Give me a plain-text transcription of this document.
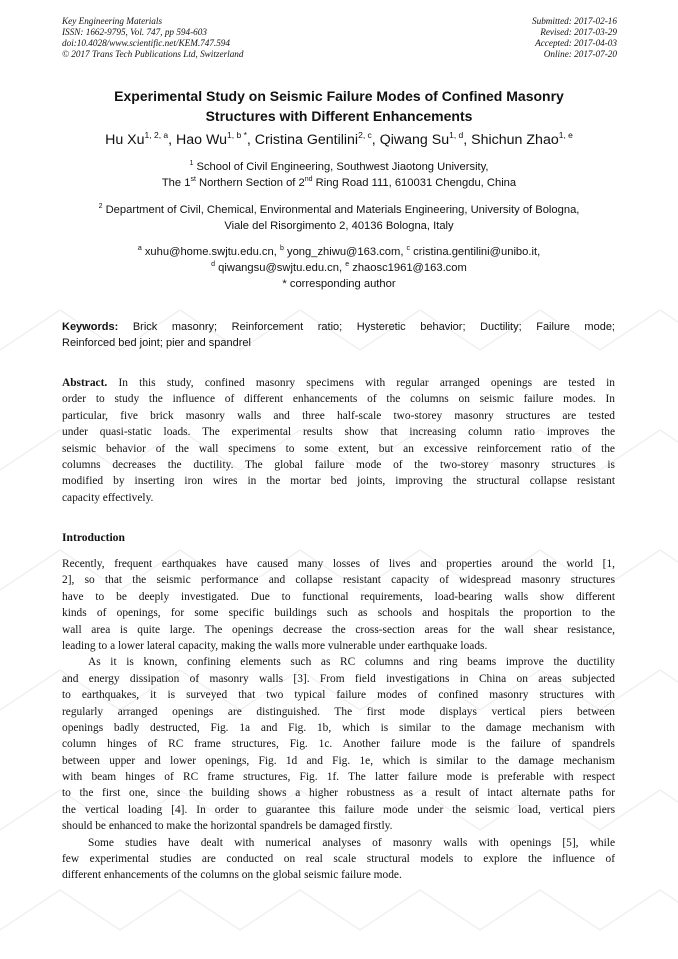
Key Engineering Materials
ISSN: 1662-9795, Vol. 747, pp 594-603
doi:10.4028/www.scientific.net/KEM.747.594
© 2017 Trans Tech Publications Ltd, Switzerland
Submitted: 2017-02-16
Revised: 2017-03-29
Accepted: 2017-04-03
Online: 2017-07-20
Experimental Study on Seismic Failure Modes of Confined Masonry
Structures with Different Enhancements
Hu Xu$^{1, 2, a}$, Hao $Wu^{1, b *}$, Cristina Gentilini$^{2, c}$, Qiwang Su$^{1, d}$, Shichun Zhao$^{1, e}$
$^1$ School of Civil Engineering, Southwest Jiaotong University,
The 1st Northern Section of 2nd Ring Road 111, 610031 Chengdu, China
$^2$ Department of Civil, Chemical, Environmental and Materials Engineering, University of Bologna,
Viale del Risorgimento 2, 40136 Bologna, Italy
$^a$ xuhu@home.swjtu.edu.cn, $^b$ yong_zhiwu@163.com, $^c$ cristina.gentilini@unibo.it,
$^d$ qiwangsu@swjtu.edu.cn, $^e$ zhaosc1961@163.com
* corresponding author
Keywords: Brick masonry; Reinforcement ratio; Hysteretic behavior; Ductility; Failure mode;
Reinforced bed joint; pier and spandrel
Abstract. In this study, confined masonry specimens with regular arranged openings are tested in
order to study the influence of different enhancements of the columns on seismic failure modes. In
particular, five brick masonry walls and three half-scale two-storey masonry structures are tested
under quasi-static loads. The experimental results show that increasing column ratio improves the
seismic behavior of the wall specimens to some extent, but an excessive reinforcement ratio of the
columns decreases the ductility. The global failure mode of the two-storey masonry structures is
modified by inserting iron wires in the mortar bed joints, improving the structural collapse resistant
capacity effectively.
Introduction
Recently, frequent earthquakes have caused many losses of lives and properties around the world [1,
2], so that the seismic performance and collapse resistant capacity of widespread masonry structures
have to be deeply investigated. Due to functional requirements, load-bearing walls show different
kinds of openings, for some specific buildings such as schools and hospitals the proportion to the
wall area is quite large. The openings decrease the cross-section areas for the wall shear resistance,
leading to a lower lateral capacity, making the walls more vulnerable under earthquake loads.
As it is known, confining elements such as RC columns and ring beams improve the ductility
and energy dissipation of masonry walls [3]. From field investigations in China on areas subjected
to earthquakes, it is surveyed that two typical failure modes of confined masonry structures with
regularly arranged openings are distinguished. The first mode displays vertical piers between
openings badly destructed, Fig. 1a and Fig. 1b, which is similar to the damage mechanism with
column hinges of RC frame structures, Fig. 1c. Another failure mode is the failure of spandrels
between upper and lower openings, Fig. 1d and Fig. 1e, which is similar to the damage mechanism
with beam hinges of RC frame structures, Fig. 1f. The latter failure mode is preferable with respect
to the first one, since the building shows a higher robustness as a result of intact alternate paths for
the vertical loading [4]. In order to guarantee this failure mode under the seismic load, vertical piers
should be enhanced to make the horizontal spandrels be damaged firstly.
Some studies have dealt with numerical analyses of masonry walls with openings [5], while
few experimental studies are conducted on real scale structural models to explore the influence of
different enhancements of the columns on the global seismic failure mode.
